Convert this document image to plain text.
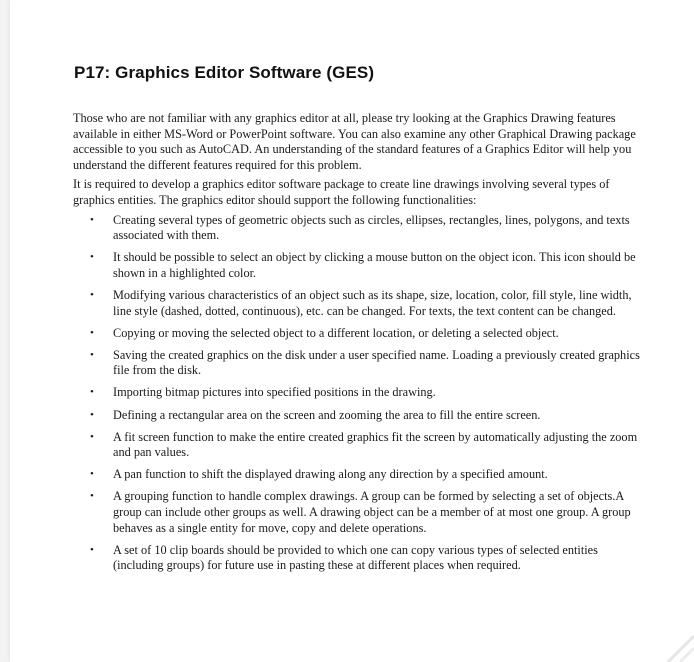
P17: Graphics Editor Software (GES)

Those who are not familiar with any graphics editor at all, please try looking at the Graphics Drawing features available in either MS-Word or PowerPoint software. You can also examine any other Graphical Drawing package accessible to you such as AutoCAD. An understanding of the standard features of a Graphics Editor will help you understand the different features required for this problem.

It is required to develop a graphics editor software package to create line drawings involving several types of graphics entities. The graphics editor should support the following functionalities:

• Creating several types of geometric objects such as circles, ellipses, rectangles, lines, polygons, and texts associated with them.
• It should be possible to select an object by clicking a mouse button on the object icon. This icon should be shown in a highlighted color.
• Modifying various characteristics of an object such as its shape, size, location, color, fill style, line width, line style (dashed, dotted, continuous), etc. can be changed. For texts, the text content can be changed.
• Copying or moving the selected object to a different location, or deleting a selected object.
• Saving the created graphics on the disk under a user specified name. Loading a previously created graphics file from the disk.
• Importing bitmap pictures into specified positions in the drawing.
• Defining a rectangular area on the screen and zooming the area to fill the entire screen.
• A fit screen function to make the entire created graphics fit the screen by automatically adjusting the zoom and pan values.
• A pan function to shift the displayed drawing along any direction by a specified amount.
• A grouping function to handle complex drawings. A group can be formed by selecting a set of objects.A group can include other groups as well. A drawing object can be a member of at most one group. A group behaves as a single entity for move, copy and delete operations.
• A set of 10 clip boards should be provided to which one can copy various types of selected entities (including groups) for future use in pasting these at different places when required.
